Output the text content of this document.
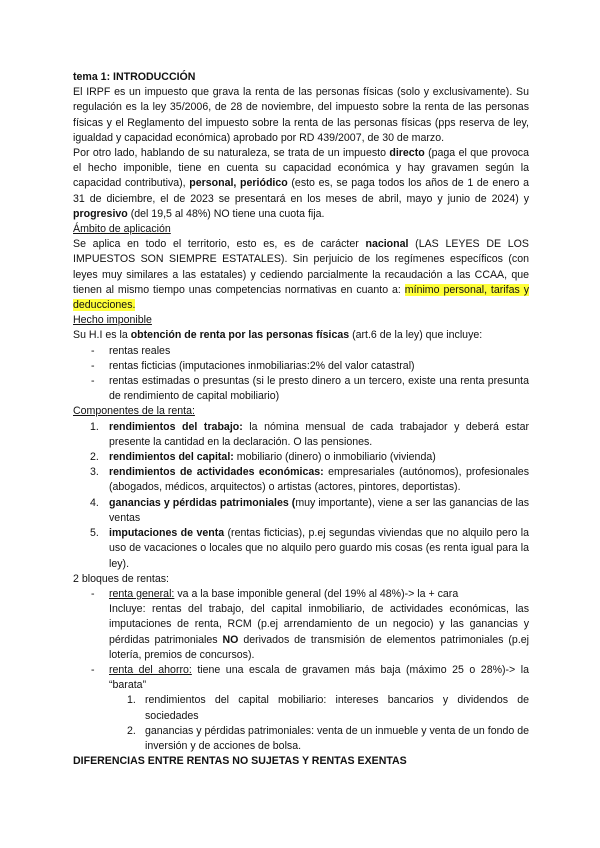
tema 1: INTRODUCCIÓN

El IRPF es un impuesto que grava la renta de las personas físicas (solo y exclusivamente). Su regulación es la ley 35/2006, de 28 de noviembre, del impuesto sobre la renta de las personas físicas y el Reglamento del impuesto sobre la renta de las personas físicas (pps reserva de ley, igualdad y capacidad económica) aprobado por RD 439/2007, de 30 de marzo.

Por otro lado, hablando de su naturaleza, se trata de un impuesto directo (paga el que provoca el hecho imponible, tiene en cuenta su capacidad económica y hay gravamen según la capacidad contributiva), personal, periódico (esto es, se paga todos los años de 1 de enero a 31 de diciembre, el de 2023 se presentará en los meses de abril, mayo y junio de 2024) y progresivo (del 19,5 al 48%) NO tiene una cuota fija.

Ámbito de aplicación

Se aplica en todo el territorio, esto es, es de carácter nacional (LAS LEYES DE LOS IMPUESTOS SON SIEMPRE ESTATALES). Sin perjuicio de los regímenes específicos (con leyes muy similares a las estatales) y cediendo parcialmente la recaudación a las CCAA, que tienen al mismo tiempo unas competencias normativas en cuanto a: mínimo personal, tarifas y deducciones.

Hecho imponible

Su H.I es la obtención de renta por las personas físicas (art.6 de la ley) que incluye:

- rentas reales

- rentas ficticias (imputaciones inmobiliarias:2% del valor catastral)

- rentas estimadas o presuntas (si le presto dinero a un tercero, existe una renta presunta de rendimiento de capital mobiliario)

Componentes de la renta:

1. rendimientos del trabajo: la nómina mensual de cada trabajador y deberá estar presente la cantidad en la declaración. O las pensiones.

2. rendimientos del capital: mobiliario (dinero) o inmobiliario (vivienda)

3. rendimientos de actividades económicas: empresariales (autónomos), profesionales (abogados, médicos, arquitectos) o artistas (actores, pintores, deportistas).

4. ganancias y pérdidas patrimoniales (muy importante), viene a ser las ganancias de las ventas

5. imputaciones de venta (rentas ficticias), p.ej segundas viviendas que no alquilo pero la uso de vacaciones o locales que no alquilo pero guardo mis cosas (es renta igual para la ley).

2 bloques de rentas:

- renta general: va a la base imponible general (del 19% al 48%)-> la + cara

Incluye: rentas del trabajo, del capital inmobiliario, de actividades económicas, las imputaciones de renta, RCM (p.ej arrendamiento de un negocio) y las ganancias y pérdidas patrimoniales NO derivados de transmisión de elementos patrimoniales (p.ej lotería, premios de concursos).

- renta del ahorro: tiene una escala de gravamen más baja (máximo 25 o 28%)-> la “barata”

1. rendimientos del capital mobiliario: intereses bancarios y dividendos de sociedades

2. ganancias y pérdidas patrimoniales: venta de un inmueble y venta de un fondo de inversión y de acciones de bolsa.

DIFERENCIAS ENTRE RENTAS NO SUJETAS Y RENTAS EXENTAS
